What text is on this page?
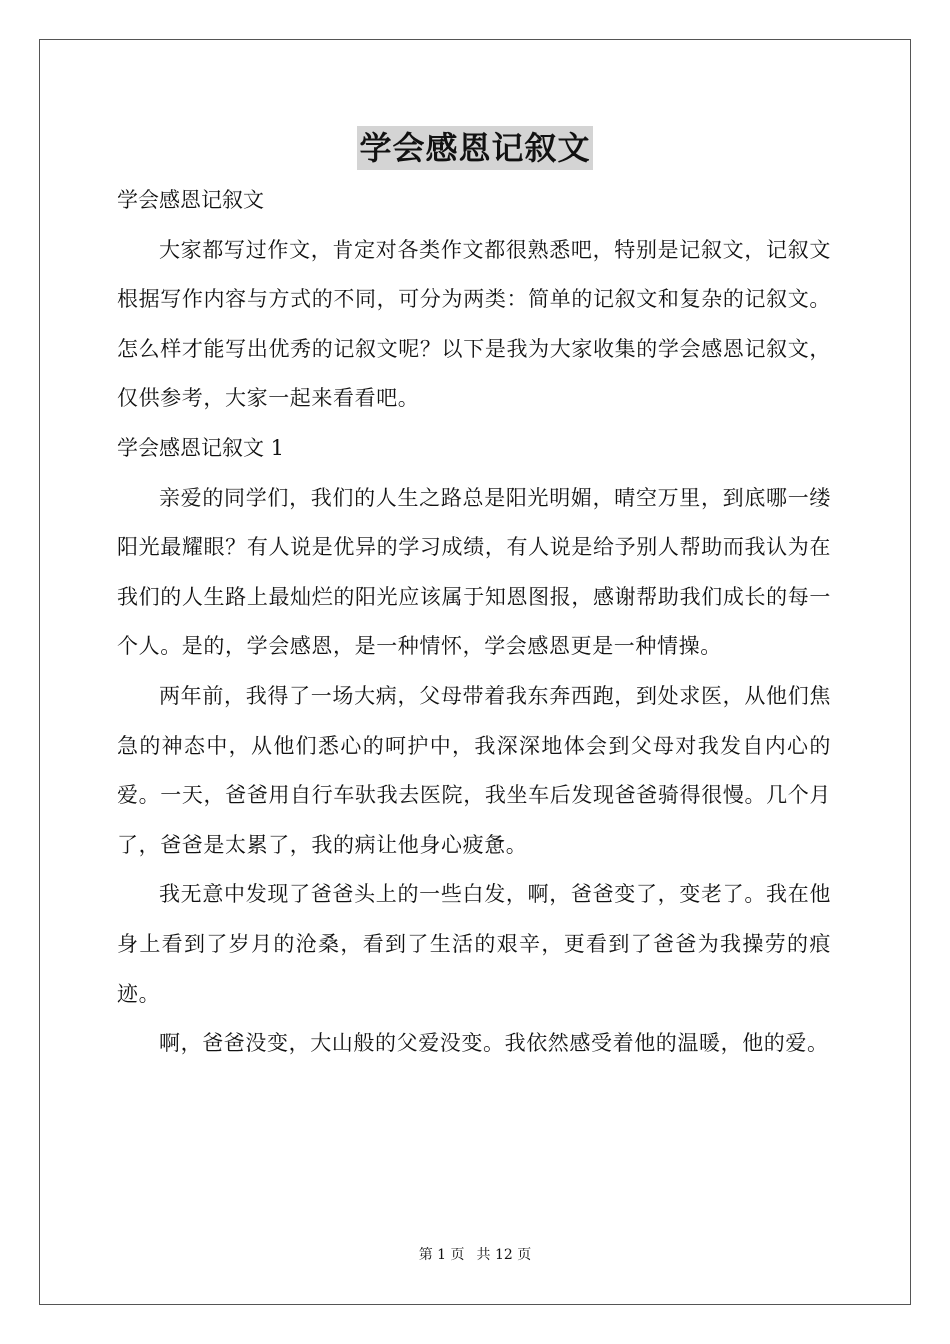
学会感恩记叙文

学会感恩记叙文

大家都写过作文，肯定对各类作文都很熟悉吧，特别是记叙文，记叙文根据写作内容与方式的不同，可分为两类：简单的记叙文和复杂的记叙文。怎么样才能写出优秀的记叙文呢？以下是我为大家收集的学会感恩记叙文，仅供参考，大家一起来看看吧。

学会感恩记叙文 1

亲爱的同学们，我们的人生之路总是阳光明媚，晴空万里，到底哪一缕阳光最耀眼？有人说是优异的学习成绩，有人说是给予别人帮助而我认为在我们的人生路上最灿烂的阳光应该属于知恩图报，感谢帮助我们成长的每一个人。是的，学会感恩，是一种情怀，学会感恩更是一种情操。

两年前，我得了一场大病，父母带着我东奔西跑，到处求医，从他们焦急的神态中，从他们悉心的呵护中，我深深地体会到父母对我发自内心的爱。一天，爸爸用自行车驮我去医院，我坐车后发现爸爸骑得很慢。几个月了，爸爸是太累了，我的病让他身心疲惫。

我无意中发现了爸爸头上的一些白发，啊，爸爸变了，变老了。我在他身上看到了岁月的沧桑，看到了生活的艰辛，更看到了爸爸为我操劳的痕迹。

啊，爸爸没变，大山般的父爱没变。我依然感受着他的温暖，他的爱。

第 1 页 共 12 页
